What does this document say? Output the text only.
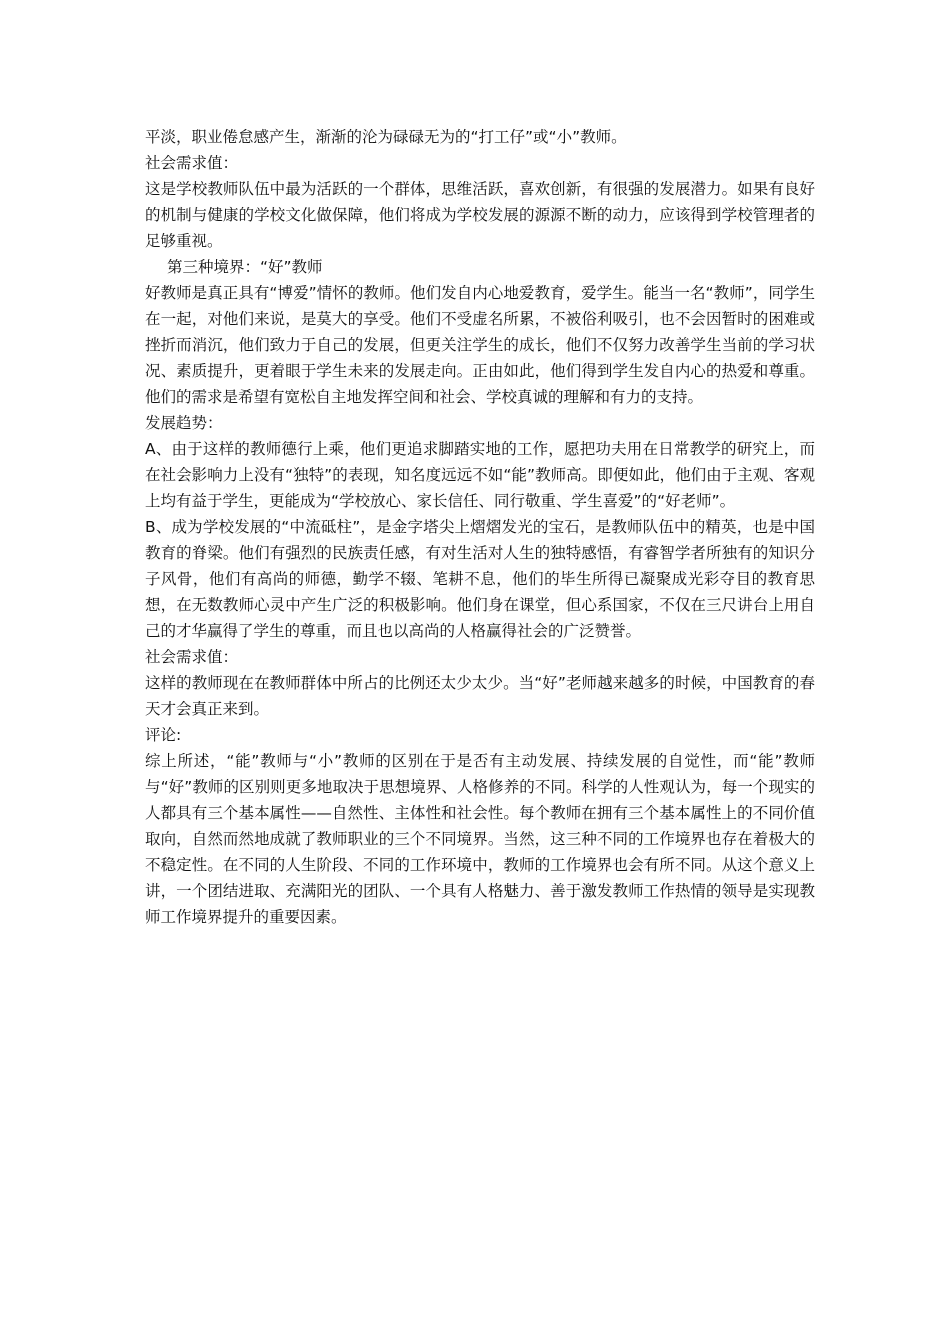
平淡，职业倦怠感产生，渐渐的沦为碌碌无为的“打工仔”或“小”教师。

社会需求值：

这是学校教师队伍中最为活跃的一个群体，思维活跃，喜欢创新，有很强的发展潜力。如果有良好的机制与健康的学校文化做保障，他们将成为学校发展的源源不断的动力，应该得到学校管理者的足够重视。

第三种境界：“好”教师

好教师是真正具有“博爱”情怀的教师。他们发自内心地爱教育，爱学生。能当一名“教师”，同学生在一起，对他们来说，是莫大的享受。他们不受虚名所累，不被俗利吸引，也不会因暂时的困难或挫折而消沉，他们致力于自己的发展，但更关注学生的成长，他们不仅努力改善学生当前的学习状况、素质提升，更着眼于学生未来的发展走向。正由如此，他们得到学生发自内心的热爱和尊重。他们的需求是希望有宽松自主地发挥空间和社会、学校真诚的理解和有力的支持。

发展趋势：

A、由于这样的教师德行上乘，他们更追求脚踏实地的工作，愿把功夫用在日常教学的研究上，而在社会影响力上没有“独特”的表现，知名度远远不如“能”教师高。即便如此，他们由于主观、客观上均有益于学生，更能成为“学校放心、家长信任、同行敬重、学生喜爱”的“好老师”。

B、成为学校发展的“中流砥柱”，是金字塔尖上熠熠发光的宝石，是教师队伍中的精英，也是中国教育的脊梁。他们有强烈的民族责任感，有对生活对人生的独特感悟，有睿智学者所独有的知识分子风骨，他们有高尚的师德，勤学不辍、笔耕不息，他们的毕生所得已凝聚成光彩夺目的教育思想，在无数教师心灵中产生广泛的积极影响。他们身在课堂，但心系国家，不仅在三尺讲台上用自己的才华赢得了学生的尊重，而且也以高尚的人格赢得社会的广泛赞誉。

社会需求值：

这样的教师现在在教师群体中所占的比例还太少太少。当“好”老师越来越多的时候，中国教育的春天才会真正来到。

评论:

综上所述，“能”教师与“小”教师的区别在于是否有主动发展、持续发展的自觉性，而“能”教师与“好”教师的区别则更多地取决于思想境界、人格修养的不同。科学的人性观认为，每一个现实的人都具有三个基本属性——自然性、主体性和社会性。每个教师在拥有三个基本属性上的不同价值取向，自然而然地成就了教师职业的三个不同境界。当然，这三种不同的工作境界也存在着极大的不稳定性。在不同的人生阶段、不同的工作环境中，教师的工作境界也会有所不同。从这个意义上讲，一个团结进取、充满阳光的团队、一个具有人格魅力、善于激发教师工作热情的领导是实现教师工作境界提升的重要因素。
